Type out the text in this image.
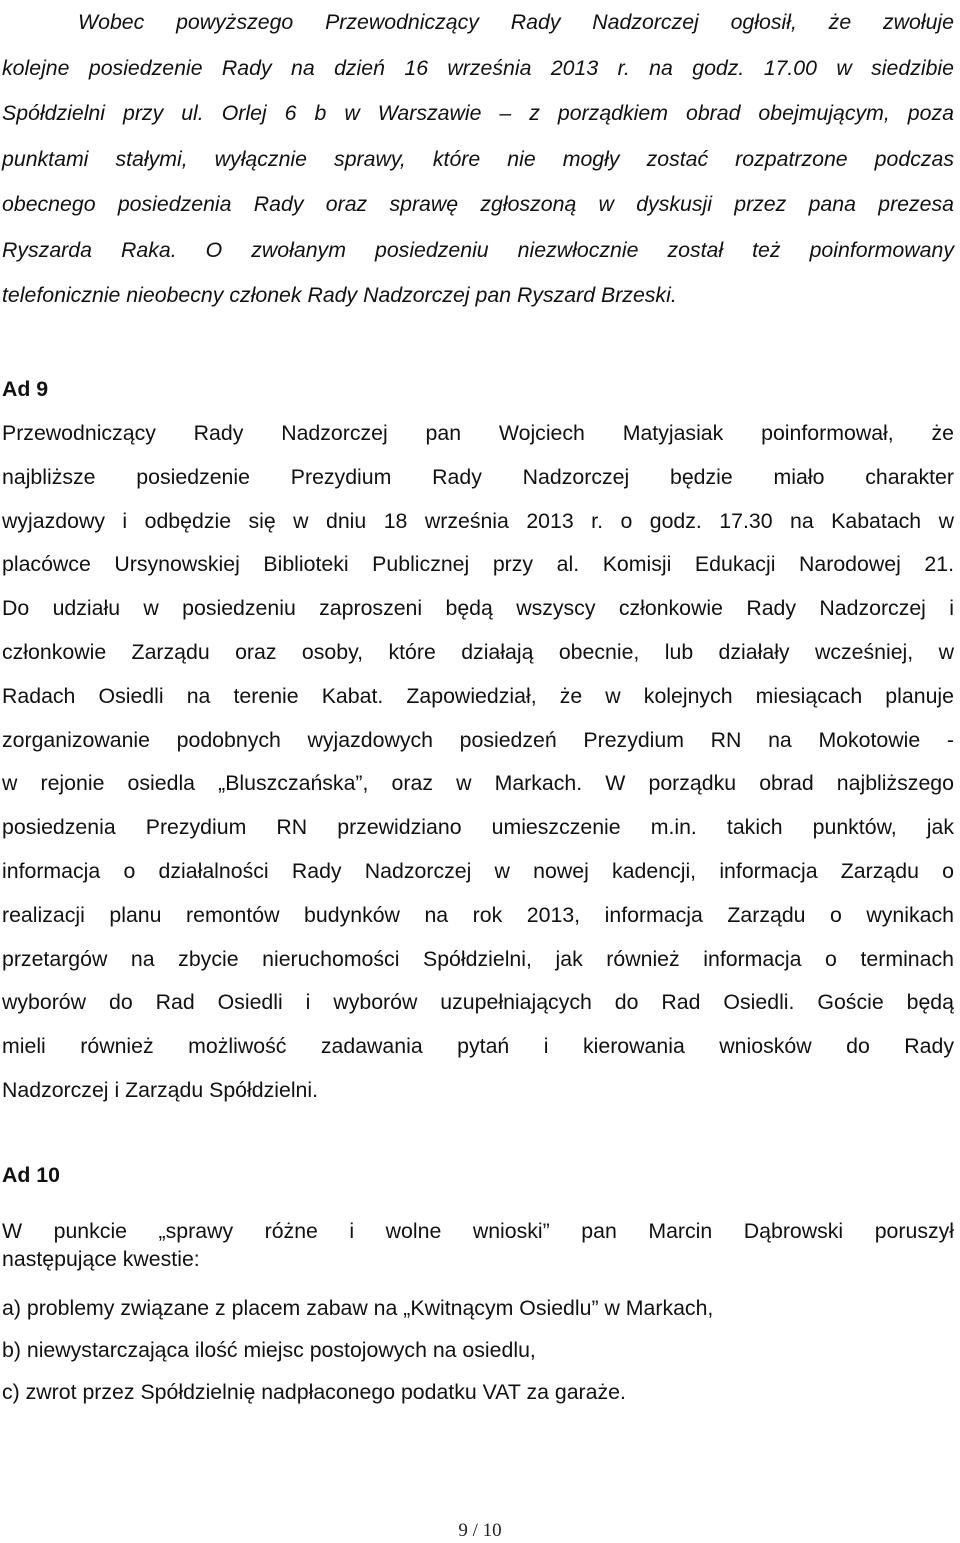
Wobec powyższego Przewodniczący Rady Nadzorczej ogłosił, że zwołuje
kolejne posiedzenie Rady na dzień 16 września 2013 r. na godz. 17.00 w siedzibie
Spółdzielni przy ul. Orlej 6 b w Warszawie – z porządkiem obrad obejmującym, poza
punktami stałymi, wyłącznie sprawy, które nie mogły zostać rozpatrzone podczas
obecnego posiedzenia Rady oraz sprawę zgłoszoną w dyskusji przez pana prezesa
Ryszarda Raka. O zwołanym posiedzeniu niezwłocznie został też poinformowany
telefonicznie nieobecny członek Rady Nadzorczej pan Ryszard Brzeski.
Ad 9
Przewodniczący Rady Nadzorczej pan Wojciech Matyjasiak poinformował, że
najbliższe posiedzenie Prezydium Rady Nadzorczej będzie miało charakter
wyjazdowy i odbędzie się w dniu 18 września 2013 r. o godz. 17.30 na Kabatach w
placówce Ursynowskiej Biblioteki Publicznej przy al. Komisji Edukacji Narodowej 21.
Do udziału w posiedzeniu zaproszeni będą wszyscy członkowie Rady Nadzorczej i
członkowie Zarządu oraz osoby, które działają obecnie, lub działały wcześniej, w
Radach Osiedli na terenie Kabat. Zapowiedział, że w kolejnych miesiącach planuje
zorganizowanie podobnych wyjazdowych posiedzeń Prezydium RN na Mokotowie -
w rejonie osiedla „Bluszczańska”, oraz w Markach. W porządku obrad najbliższego
posiedzenia Prezydium RN przewidziano umieszczenie m.in. takich punktów, jak
informacja o działalności Rady Nadzorczej w nowej kadencji, informacja Zarządu o
realizacji planu remontów budynków na rok 2013, informacja Zarządu o wynikach
przetargów na zbycie nieruchomości Spółdzielni, jak również informacja o terminach
wyborów do Rad Osiedli i wyborów uzupełniających do Rad Osiedli. Goście będą
mieli również możliwość zadawania pytań i kierowania wniosków do Rady
Nadzorczej i Zarządu Spółdzielni.
Ad 10
W punkcie „sprawy różne i wolne wnioski” pan Marcin Dąbrowski poruszył
następujące kwestie:
a) problemy związane z placem zabaw na „Kwitnącym Osiedlu” w Markach,
b) niewystarczająca ilość miejsc postojowych na osiedlu,
c) zwrot przez Spółdzielnię nadpłaconego podatku VAT za garaże.
9 / 10
